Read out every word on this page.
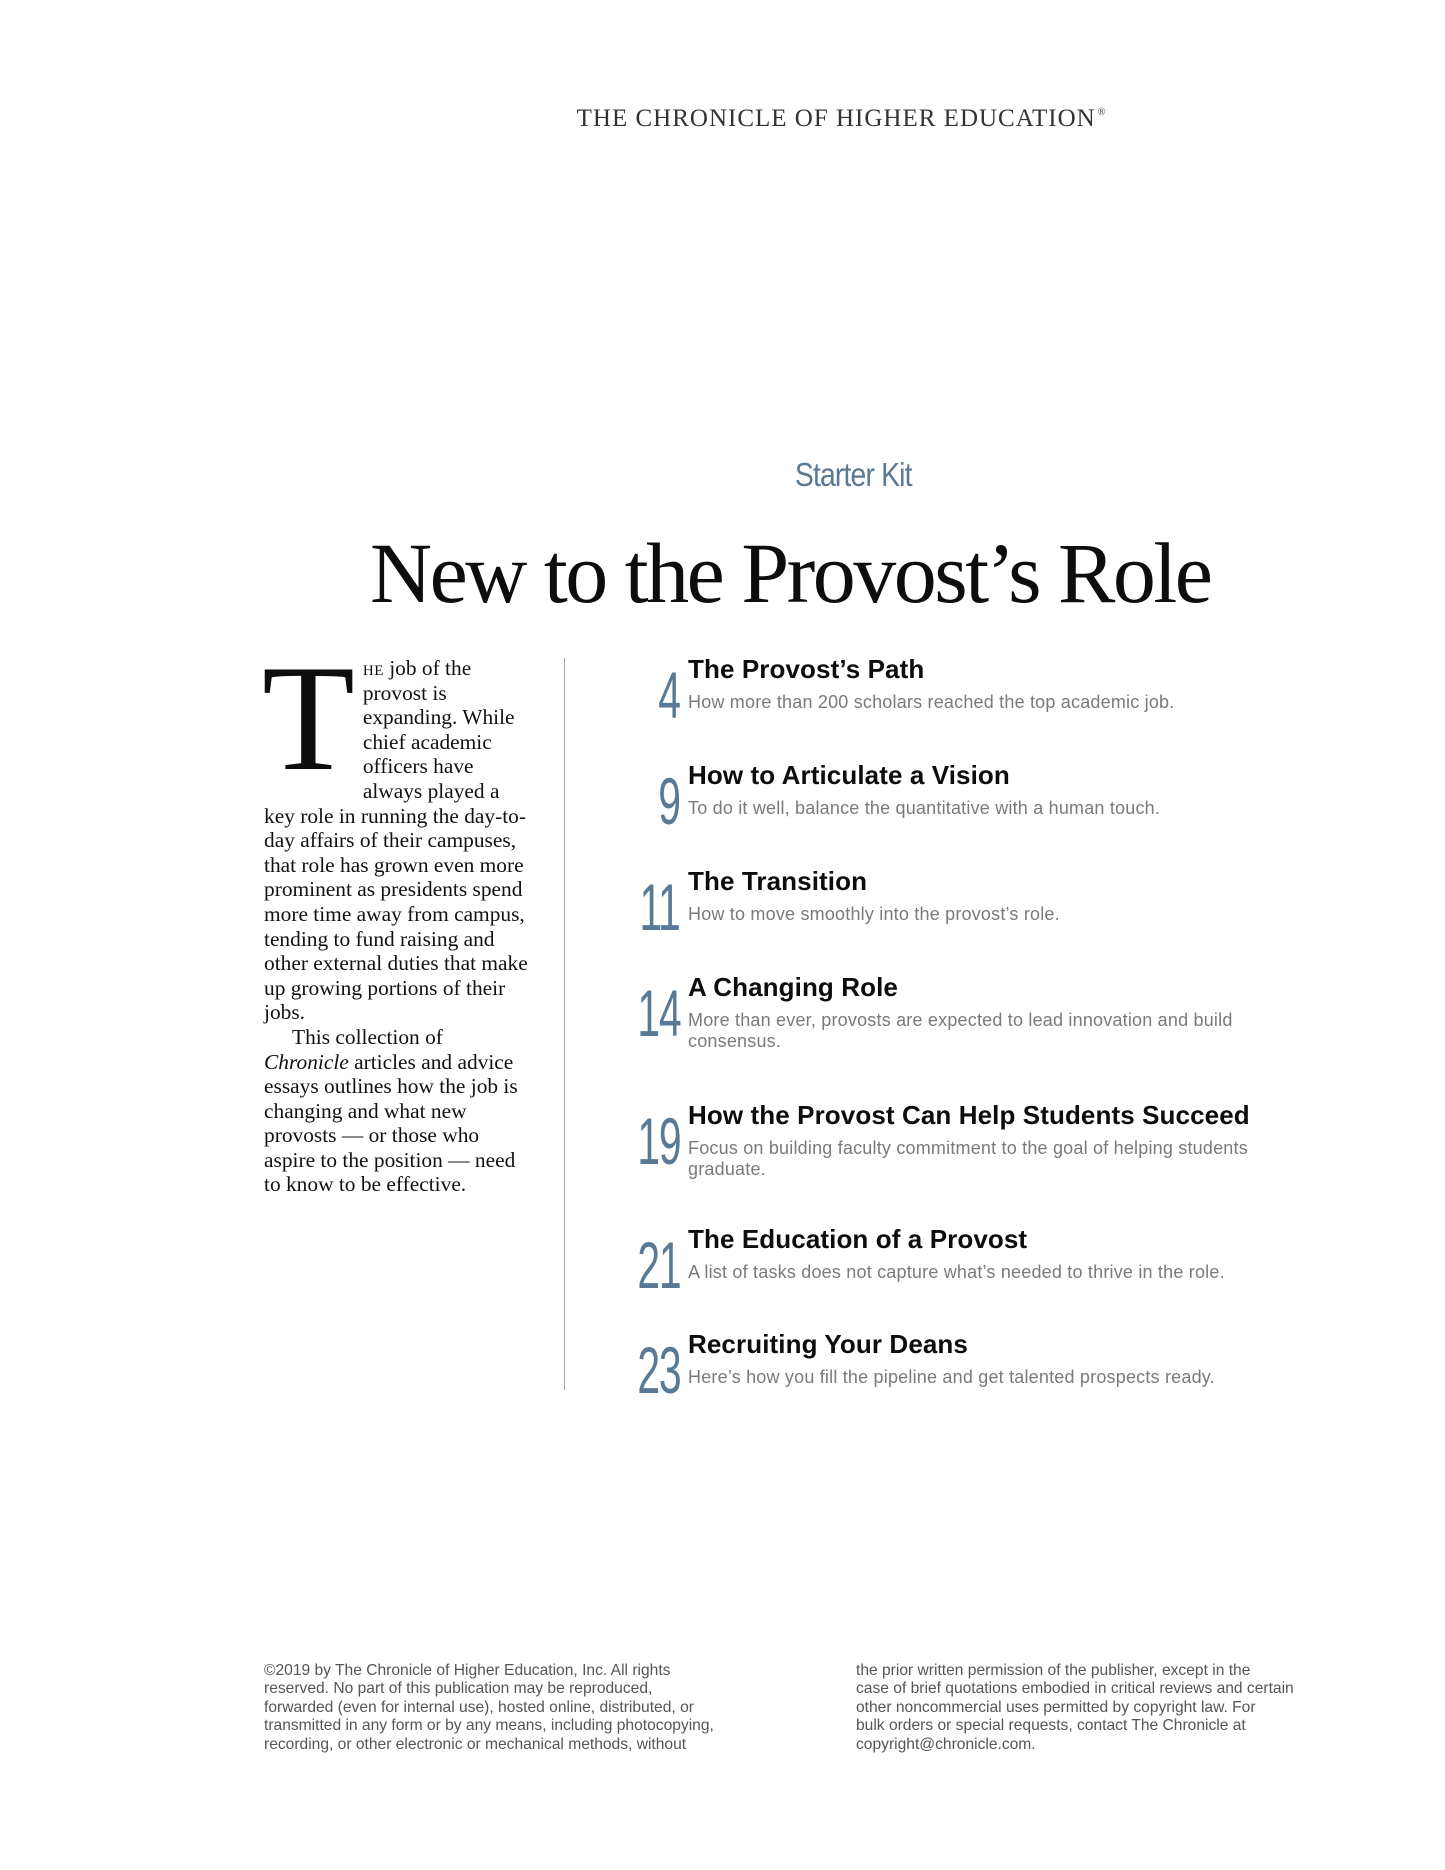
THE CHRONICLE OF HIGHER EDUCATION ®
Starter Kit
New to the Provost’s Role
T he job of the provost is expanding. While chief academic officers have always played a key role in running the day-to-day affairs of their campuses, that role has grown even more prominent as presidents spend more time away from campus, tending to fund raising and other external duties that make up growing portions of their jobs.

This collection of Chronicle articles and advice essays outlines how the job is changing and what new provosts — or those who aspire to the position — need to know to be effective.

4 The Provost’s Path
How more than 200 scholars reached the top academic job.
9 How to Articulate a Vision
To do it well, balance the quantitative with a human touch.
11 The Transition
How to move smoothly into the provost’s role.
14 A Changing Role
More than ever, provosts are expected to lead innovation and build consensus.
19 How the Provost Can Help Students Succeed
Focus on building faculty commitment to the goal of helping students graduate.
21 The Education of a Provost
A list of tasks does not capture what’s needed to thrive in the role.
23 Recruiting Your Deans
Here’s how you fill the pipeline and get talented prospects ready.
©2019 by The Chronicle of Higher Education, Inc. All rights
reserved. No part of this publication may be reproduced,
forwarded (even for internal use), hosted online, distributed, or
transmitted in any form or by any means, including photocopying,
recording, or other electronic or mechanical methods, without
the prior written permission of the publisher, except in the
case of brief quotations embodied in critical reviews and certain
other noncommercial uses permitted by copyright law. For
bulk orders or special requests, contact The Chronicle at
copyright@chronicle.com.
